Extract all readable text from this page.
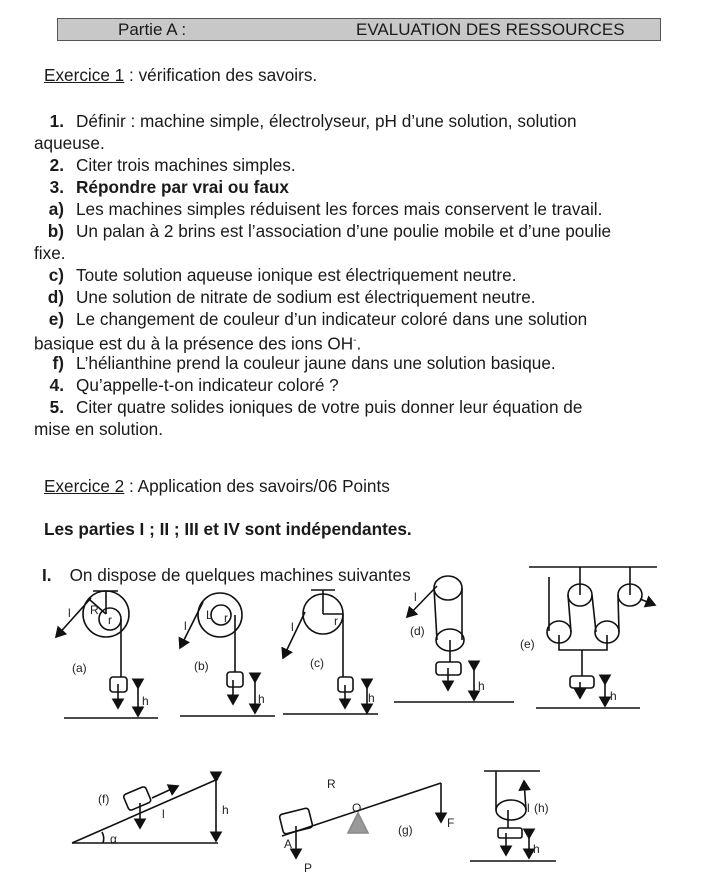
Partie A :	EVALUATION DES RESSOURCES
Exercice 1 : vérification des savoirs.
1. Définir : machine simple, électrolyseur, pH d’une solution, solution
aqueuse.
2. Citer trois machines simples.
3. Répondre par vrai ou faux
a) Les machines simples réduisent les forces mais conservent le travail.
b) Un palan à 2 brins est l’association d’une poulie mobile et d’une poulie
fixe.
c) Toute solution aqueuse ionique est électriquement neutre.
d) Une solution de nitrate de sodium est électriquement neutre.
e) Le changement de couleur d’un indicateur coloré dans une solution
basique est du à la présence des ions OH-.
f) L’hélianthine prend la couleur jaune dans une solution basique.
4. Qu’appelle-t-on indicateur coloré ?
5. Citer quatre solides ioniques de votre puis donner leur équation de
mise en solution.
Exercice 2 : Application des savoirs/06 Points
Les parties I ; II ; III et IV sont indépendantes.
I. On dispose de quelques machines suivantes
(a)
R
r
l
h
(b)
L r
l
h
(c)
r
l
h
(d)
l
h
(e)
h
(f)
l	h
α
(g)
R
O
A
P
F
(h)
l
h
